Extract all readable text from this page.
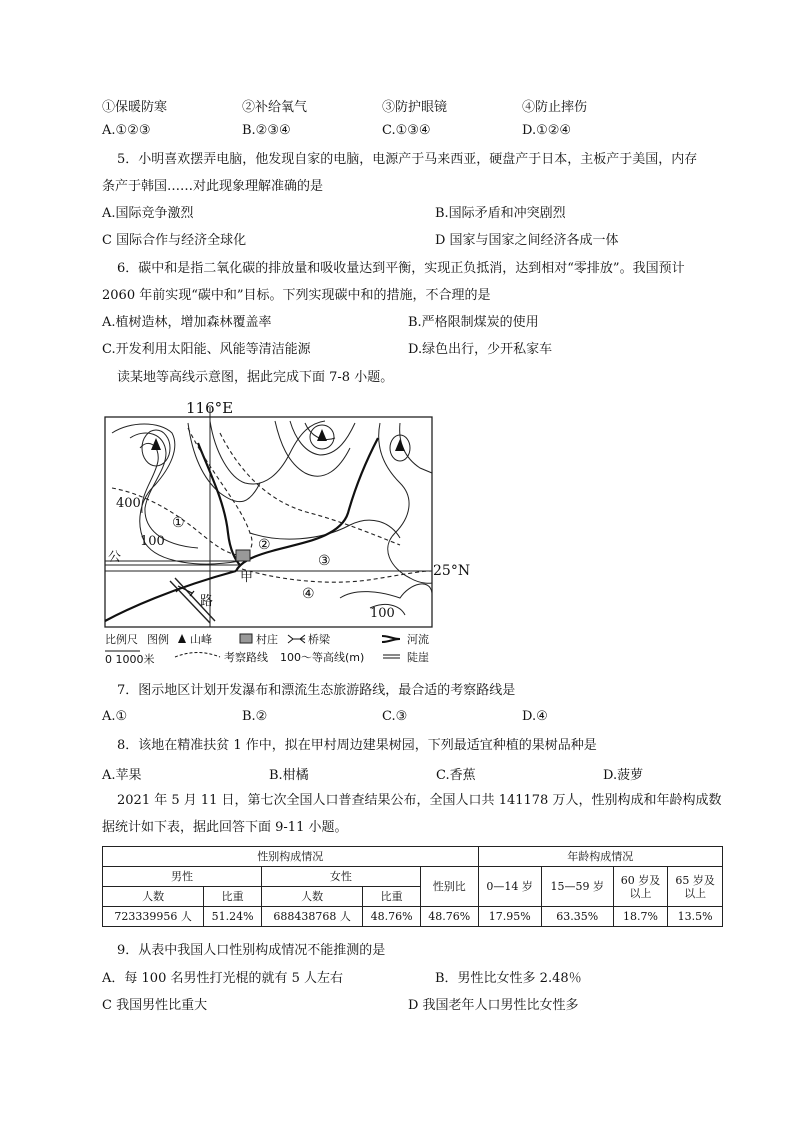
①保暖防寒	②补给氧气	③防护眼镜	④防止摔伤
A.①②③	B.②③④	C.①③④	D.①②④
5．小明喜欢摆弄电脑，他发现自家的电脑，电源产于马来西亚，硬盘产于日本，主板产于美国，内存
条产于韩国……对此现象理解准确的是
A.国际竞争激烈	B.国际矛盾和冲突剧烈
C 国际合作与经济全球化	D 国家与国家之间经济各成一体
6．碳中和是指二氧化碳的排放量和吸收量达到平衡，实现正负抵消，达到相对“零排放”。我国预计
2060 年前实现“碳中和”目标。下列实现碳中和的措施，不合理的是
A.植树造林，增加森林覆盖率	B.严格限制煤炭的使用
C.开发利用太阳能、风能等清洁能源	D.绿色出行，少开私家车
读某地等高线示意图，据此完成下面 7-8 小题。
116°E
25°N
400
100
100
①
②
③
④
甲
公
路
比例尺 图例 山峰	村庄	桥梁	河流
0 1000米	考察路线 100～等高线(m)	陡崖
7．图示地区计划开发瀑布和漂流生态旅游路线，最合适的考察路线是
A.①	B.②	C.③	D.④
8．该地在精准扶贫 1 作中，拟在甲村周边建果树园，下列最适宜种植的果树品种是
A.苹果	B.柑橘	C.香蕉	D.菠萝
2021 年 5 月 11 日，第七次全国人口普查结果公布，全国人口共 141178 万人，性别构成和年龄构成数
据统计如下表，据此回答下面 9-11 小题。
性别构成情况					年龄构成情况			
男性		女性		性别比	0—14 岁	15—59 岁	60 岁及
以上	65 岁及
以上
人数	比重	人数	比重					
723339956 人	51.24%	688438768 人	48.76%	48.76%	17.95%	63.35%	18.7%	13.5%
9．从表中我国人口性别构成情况不能推测的是
A．每 100 名男性打光棍的就有 5 人左右	B．男性比女性多 2.48％
C 我国男性比重大	D 我国老年人口男性比女性多
